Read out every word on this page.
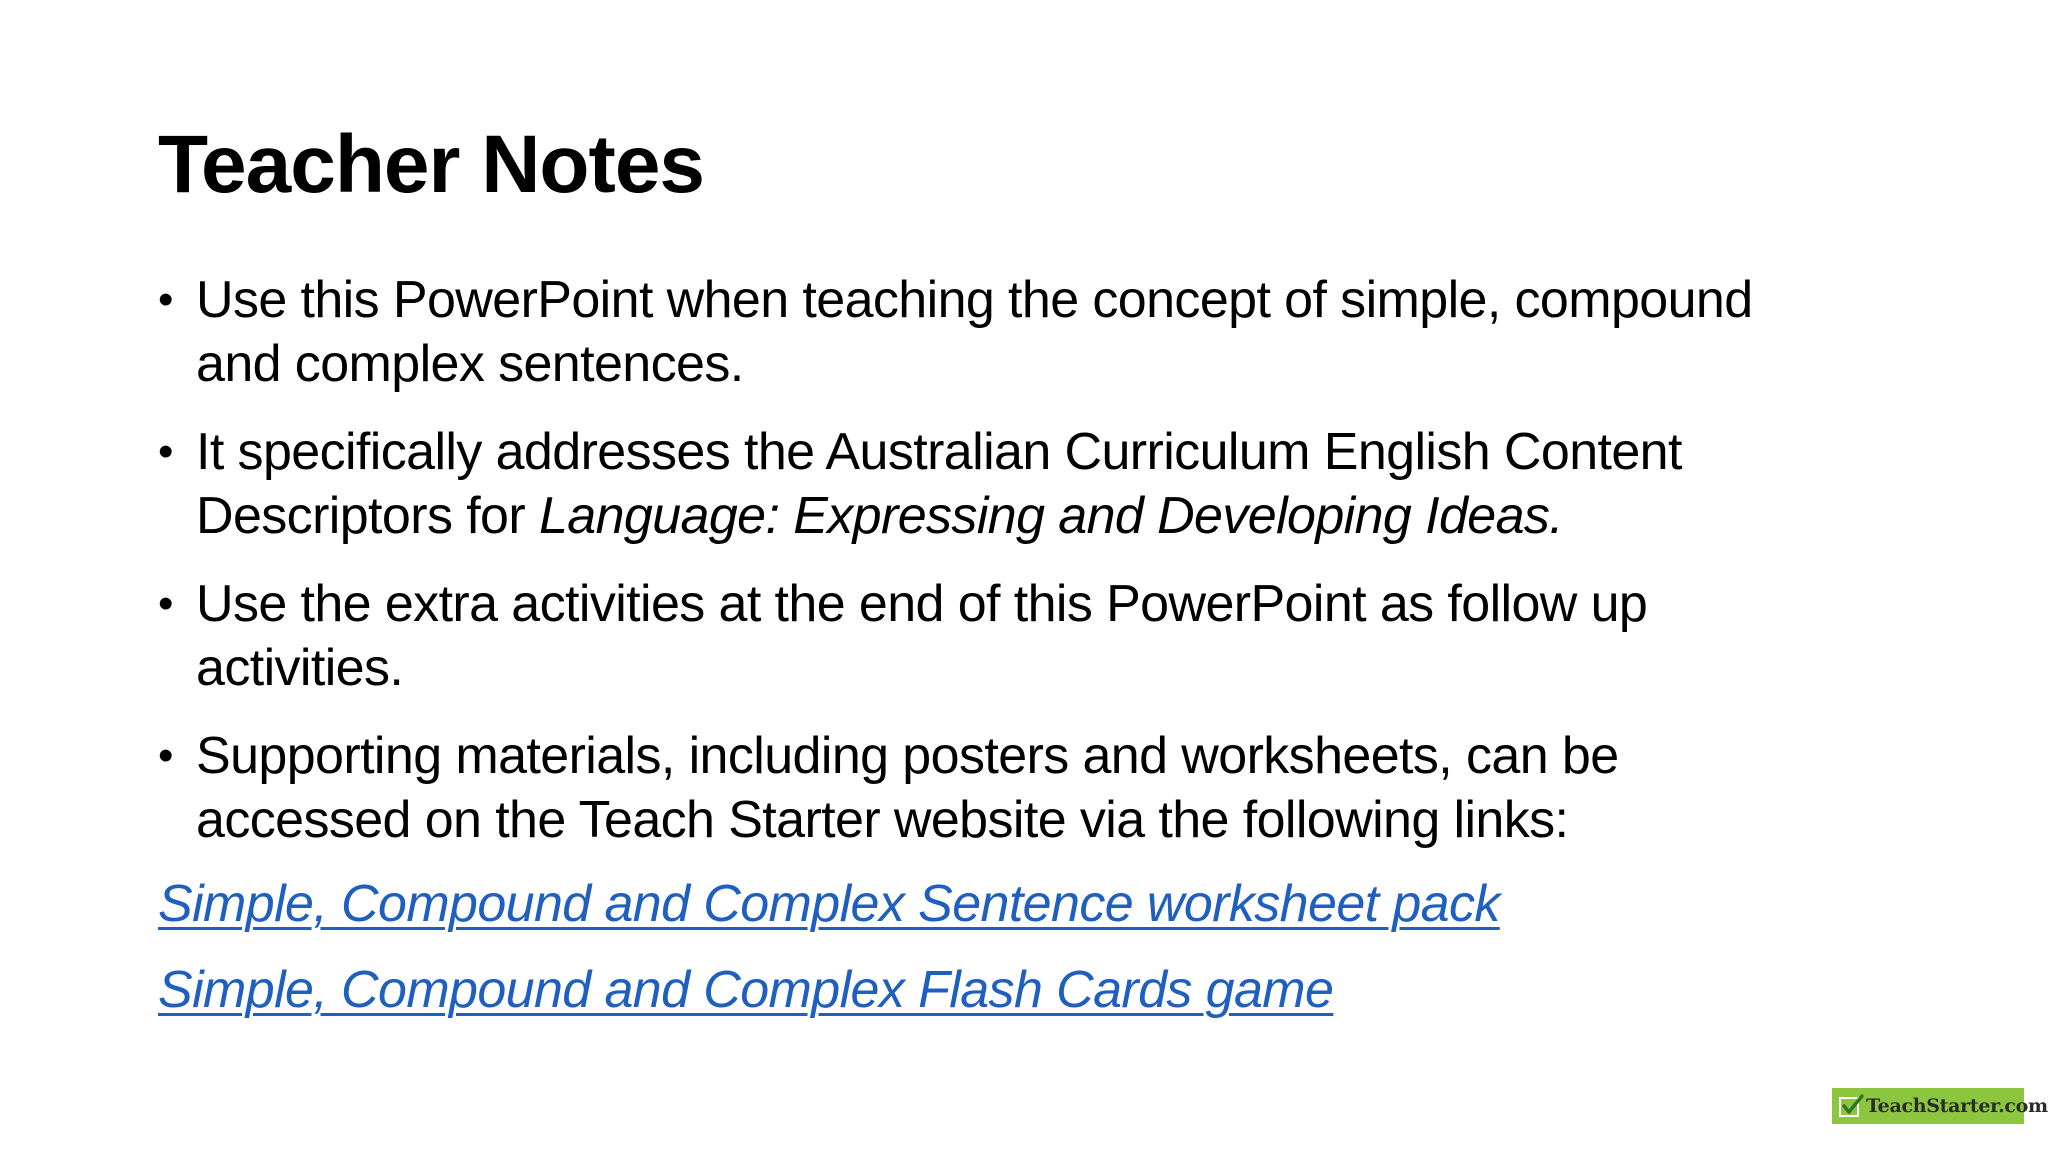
Teacher Notes
• Use this PowerPoint when teaching the concept of simple, compound
and complex sentences.
• It specifically addresses the Australian Curriculum English Content
Descriptors for Language: Expressing and Developing Ideas.
• Use the extra activities at the end of this PowerPoint as follow up
activities.
• Supporting materials, including posters and worksheets, can be
accessed on the Teach Starter website via the following links:
Simple, Compound and Complex Sentence worksheet pack
Simple, Compound and Complex Flash Cards game
TeachStarter.com
